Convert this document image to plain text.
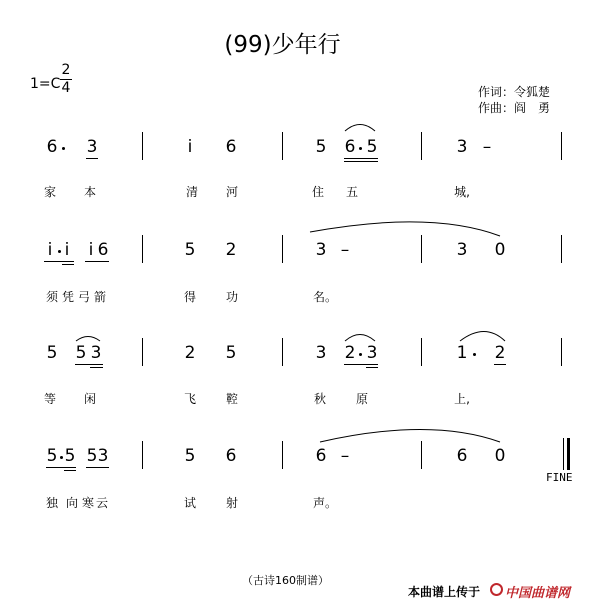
(99)少年行
1=C
2
4	作词：令狐楚
作曲：阎　勇
6 3	i 6	5 6 5	3 –
家 本	清 河	住 五	城,
i i i 6	5 2	3 –	3 0
须 凭 弓 箭	得 功	名。
5 5 3	2 5	3 2 3	1 2
等 闲	飞 鞚	秋 原	上,
5 5 5 3	5 6	6 –	6 0
FINE
独 向 寒 云	试 射	声。
（古诗160制谱）
本曲谱上传于 中国曲谱网
